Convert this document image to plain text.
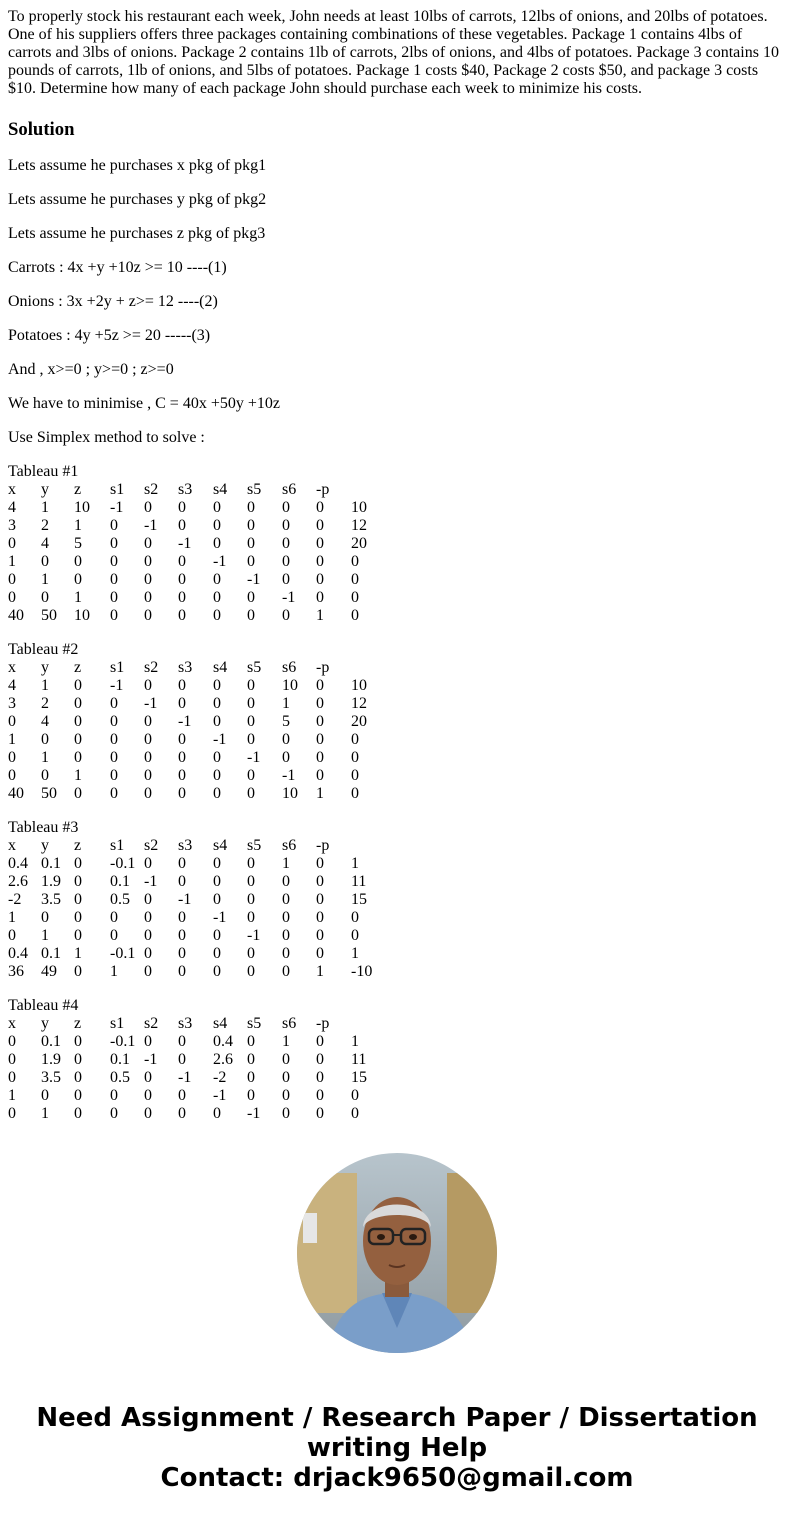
To properly stock his restaurant each week, John needs at least 10lbs of carrots, 12lbs of onions, and 20lbs of potatoes. One of his suppliers offers three packages containing combinations of these vegetables. Package 1 contains 4lbs of carrots and 3lbs of onions. Package 2 contains 1lb of carrots, 2lbs of onions, and 4lbs of potatoes. Package 3 contains 10 pounds of carrots, 1lb of onions, and 5lbs of potatoes. Package 1 costs $40, Package 2 costs $50, and package 3 costs $10. Determine how many of each package John should purchase each week to minimize his costs.

Solution

Lets assume he purchases x pkg of pkg1

Lets assume he purchases y pkg of pkg2

Lets assume he purchases z pkg of pkg3

Carrots : 4x +y +10z >= 10 ----(1)

Onions : 3x +2y + z>= 12 ----(2)

Potatoes : 4y +5z >= 20 -----(3)

And , x>=0 ; y>=0 ; z>=0

We have to minimise , C = 40x +50y +10z

Use Simplex method to solve :

Tableau #1
x y z s1 s2 s3 s4 s5 s6 -p
4 1 10 -1 0 0 0 0 0 0 10
3 2 1 0 -1 0 0 0 0 0 12
0 4 5 0 0 -1 0 0 0 0 20
1 0 0 0 0 0 -1 0 0 0 0
0 1 0 0 0 0 0 -1 0 0 0
0 0 1 0 0 0 0 0 -1 0 0
40 50 10 0 0 0 0 0 0 1 0
Tableau #2
x y z s1 s2 s3 s4 s5 s6 -p
4 1 0 -1 0 0 0 0 10 0 10
3 2 0 0 -1 0 0 0 1 0 12
0 4 0 0 0 -1 0 0 5 0 20
1 0 0 0 0 0 -1 0 0 0 0
0 1 0 0 0 0 0 -1 0 0 0
0 0 1 0 0 0 0 0 -1 0 0
40 50 0 0 0 0 0 0 10 1 0
Tableau #3
x y z s1 s2 s3 s4 s5 s6 -p
0.4 0.1 0 -0.1 0 0 0 0 1 0 1
2.6 1.9 0 0.1 -1 0 0 0 0 0 11
-2 3.5 0 0.5 0 -1 0 0 0 0 15
1 0 0 0 0 0 -1 0 0 0 0
0 1 0 0 0 0 0 -1 0 0 0
0.4 0.1 1 -0.1 0 0 0 0 0 0 1
36 49 0 1 0 0 0 0 0 1 -10
Tableau #4
x y z s1 s2 s3 s4 s5 s6 -p
0 0.1 0 -0.1 0 0 0.4 0 1 0 1
0 1.9 0 0.1 -1 0 2.6 0 0 0 11
0 3.5 0 0.5 0 -1 -2 0 0 0 15
1 0 0 0 0 0 -1 0 0 0 0
0 1 0 0 0 0 0 -1 0 0 0
Need Assignment / Research Paper / Dissertation
writing Help
Contact: drjack9650@gmail.com
